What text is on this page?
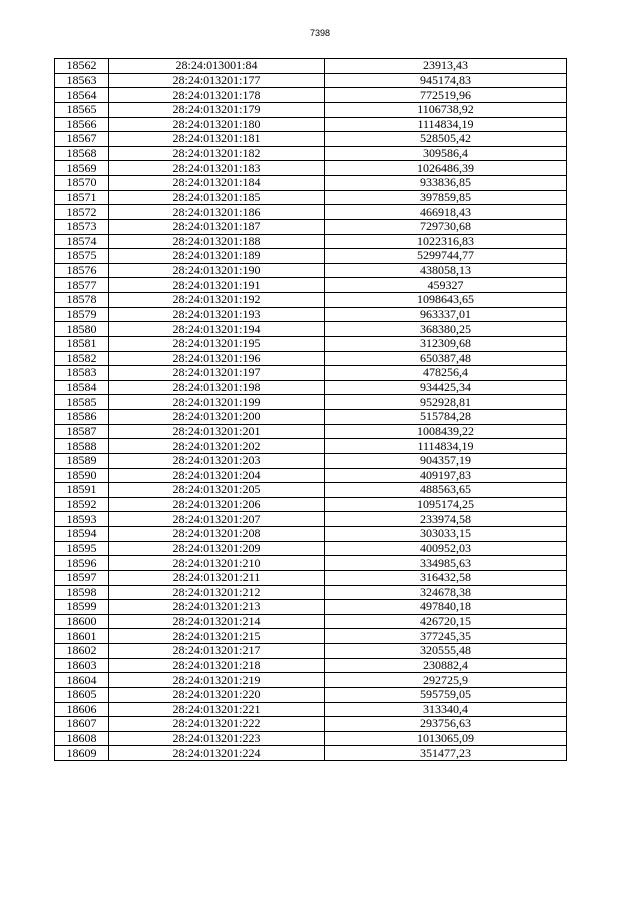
7398
18562	28:24:013001:84	23913,43
18563	28:24:013201:177	945174,83
18564	28:24:013201:178	772519,96
18565	28:24:013201:179	1106738,92
18566	28:24:013201:180	1114834,19
18567	28:24:013201:181	528505,42
18568	28:24:013201:182	309586,4
18569	28:24:013201:183	1026486,39
18570	28:24:013201:184	933836,85
18571	28:24:013201:185	397859,85
18572	28:24:013201:186	466918,43
18573	28:24:013201:187	729730,68
18574	28:24:013201:188	1022316,83
18575	28:24:013201:189	5299744,77
18576	28:24:013201:190	438058,13
18577	28:24:013201:191	459327
18578	28:24:013201:192	1098643,65
18579	28:24:013201:193	963337,01
18580	28:24:013201:194	368380,25
18581	28:24:013201:195	312309,68
18582	28:24:013201:196	650387,48
18583	28:24:013201:197	478256,4
18584	28:24:013201:198	934425,34
18585	28:24:013201:199	952928,81
18586	28:24:013201:200	515784,28
18587	28:24:013201:201	1008439,22
18588	28:24:013201:202	1114834,19
18589	28:24:013201:203	904357,19
18590	28:24:013201:204	409197,83
18591	28:24:013201:205	488563,65
18592	28:24:013201:206	1095174,25
18593	28:24:013201:207	233974,58
18594	28:24:013201:208	303033,15
18595	28:24:013201:209	400952,03
18596	28:24:013201:210	334985,63
18597	28:24:013201:211	316432,58
18598	28:24:013201:212	324678,38
18599	28:24:013201:213	497840,18
18600	28:24:013201:214	426720,15
18601	28:24:013201:215	377245,35
18602	28:24:013201:217	320555,48
18603	28:24:013201:218	230882,4
18604	28:24:013201:219	292725,9
18605	28:24:013201:220	595759,05
18606	28:24:013201:221	313340,4
18607	28:24:013201:222	293756,63
18608	28:24:013201:223	1013065,09
18609	28:24:013201:224	351477,23
